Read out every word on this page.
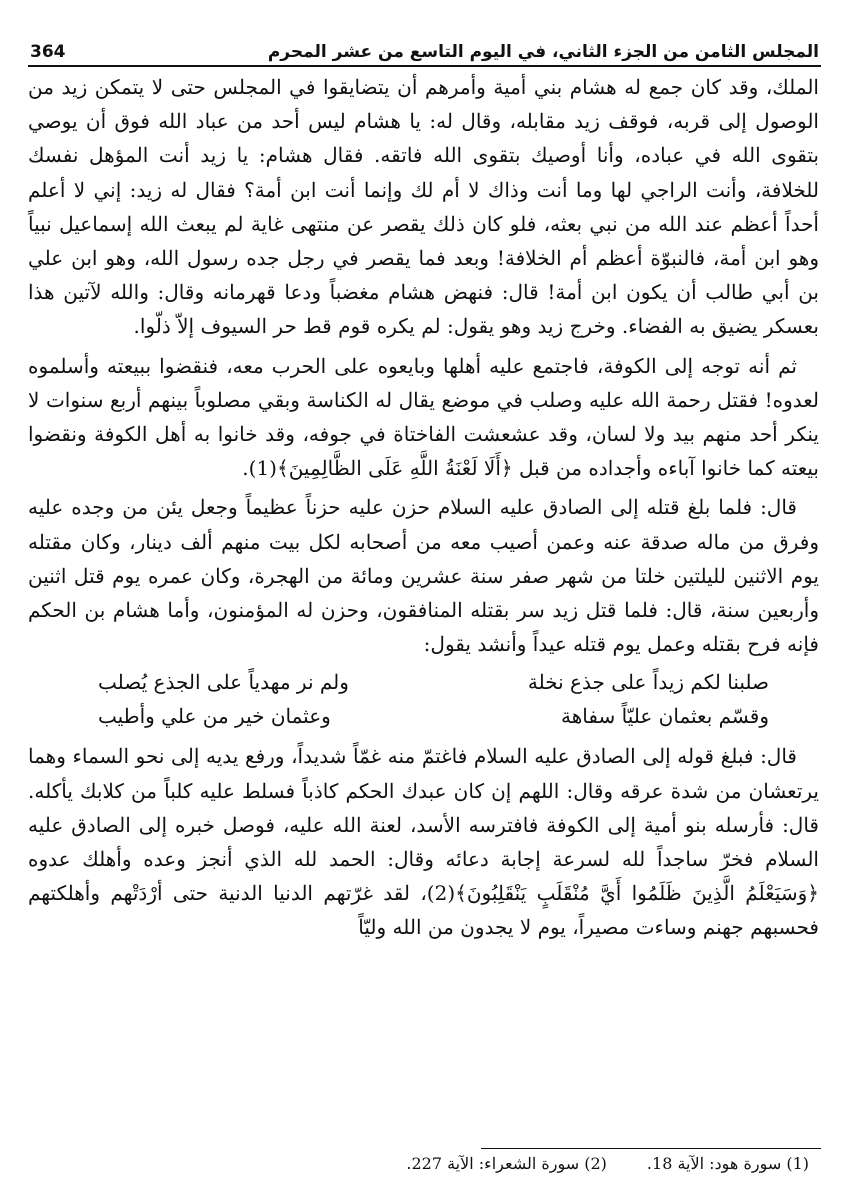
المجلس الثامن من الجزء الثاني، في اليوم التاسع من عشر المحرم
364

الملك، وقد كان جمع له هشام بني أمية وأمرهم أن يتضايقوا في المجلس حتى لا يتمكن زيد من الوصول إلى قربه، فوقف زيد مقابله، وقال له: يا هشام ليس أحد من عباد الله فوق أن يوصي بتقوى الله في عباده، وأنا أوصيك بتقوى الله فاتقه. فقال هشام: يا زيد أنت المؤهل نفسك للخلافة، وأنت الراجي لها وما أنت وذاك لا أم لك وإنما أنت ابن أمة؟ فقال له زيد: إني لا أعلم أحداً أعظم عند الله من نبي بعثه، فلو كان ذلك يقصر عن منتهى غاية لم يبعث الله إسماعيل نبياً وهو ابن أمة، فالنبوّة أعظم أم الخلافة! وبعد فما يقصر في رجل جده رسول الله، وهو ابن علي بن أبي طالب أن يكون ابن أمة! قال: فنهض هشام مغضباً ودعا قهرمانه وقال: والله لآتين هذا بعسكر يضيق به الفضاء. وخرج زيد وهو يقول: لم يكره قوم قط حر السيوف إلاّ ذلّوا.

ثم أنه توجه إلى الكوفة، فاجتمع عليه أهلها وبايعوه على الحرب معه، فنقضوا ببيعته وأسلموه لعدوه! فقتل رحمة الله عليه وصلب في موضع يقال له الكناسة وبقي مصلوباً بينهم أربع سنوات لا ينكر أحد منهم بيد ولا لسان، وقد عشعشت الفاختاة في جوفه، وقد خانوا به أهل الكوفة ونقضوا بيعته كما خانوا آباءه وأجداده من قبل ﴿أَلَا لَعْنَةُ اللَّهِ عَلَى الظَّالِمِينَ﴾(1).

قال: فلما بلغ قتله إلى الصادق عليه السلام حزن عليه حزناً عظيماً وجعل يئن من وجده عليه وفرق من ماله صدقة عنه وعمن أصيب معه من أصحابه لكل بيت منهم ألف دينار، وكان مقتله يوم الاثنين لليلتين خلتا من شهر صفر سنة عشرين ومائة من الهجرة، وكان عمره يوم قتل اثنين وأربعين سنة، قال: فلما قتل زيد سر بقتله المنافقون، وحزن له المؤمنون، وأما هشام بن الحكم فإنه فرح بقتله وعمل يوم قتله عيداً وأنشد يقول:

صلبنا لكم زيداً على جذع نخلة
ولم نر مهدياً على الجذع يُصلب
وقسّم بعثمان عليّاً سفاهة
وعثمان خير من علي وأطيب

قال: فبلغ قوله إلى الصادق عليه السلام فاغتمّ منه غمّاً شديداً، ورفع يديه إلى نحو السماء وهما يرتعشان من شدة عرقه وقال: اللهم إن كان عبدك الحكم كاذباً فسلط عليه كلباً من كلابك يأكله. قال: فأرسله بنو أمية إلى الكوفة فافترسه الأسد، لعنة الله عليه، فوصل خبره إلى الصادق عليه السلام فخرّ ساجداً لله لسرعة إجابة دعائه وقال: الحمد لله الذي أنجز وعده وأهلك عدوه ﴿وَسَيَعْلَمُ الَّذِينَ ظَلَمُوا أَيَّ مُنْقَلَبٍ يَنْقَلِبُونَ﴾(2)، لقد غرّتهم الدنيا الدنية حتى أرْدَتْهم وأهلكتهم فحسبهم جهنم وساءت مصيراً، يوم لا يجدون من الله وليّاً

(1) سورة هود: الآية 18.
(2) سورة الشعراء: الآية 227.
